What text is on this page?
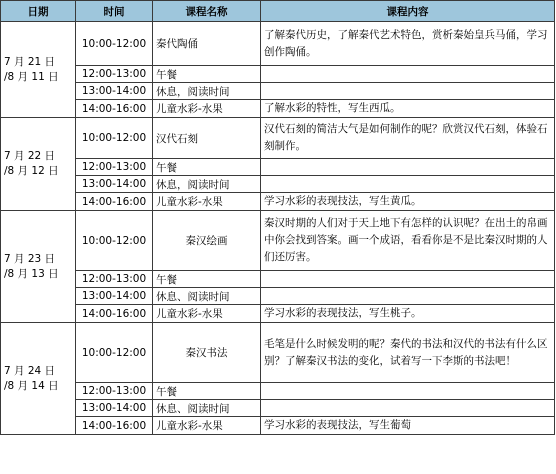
日期	时间	课程名称	课程内容

7 月 21 日
/8 月 11 日	10:00-12:00	秦代陶俑	了解秦代历史，了解秦代艺术特色，赏析秦始皇兵马俑，学习创作陶俑。
	12:00-13:00	午餐	
	13:00-14:00	休息，阅读时间	
	14:00-16:00	儿童水彩-水果	了解水彩的特性，写生西瓜。

7 月 22 日
/8 月 12 日	10:00-12:00	汉代石刻	汉代石刻的简洁大气是如何制作的呢？欣赏汉代石刻，体验石刻制作。
	12:00-13:00	午餐	
	13:00-14:00	休息，阅读时间	
	14:00-16:00	儿童水彩-水果	学习水彩的表现技法，写生黄瓜。

7 月 23 日
/8 月 13 日	10:00-12:00	秦汉绘画	秦汉时期的人们对于天上地下有怎样的认识呢？在出土的帛画中你会找到答案。画一个成语，看看你是不是比秦汉时期的人们还厉害。
	12:00-13:00	午餐	
	13:00-14:00	休息、阅读时间	
	14:00-16:00	儿童水彩-水果	学习水彩的表现技法，写生桃子。

7 月 24 日
/8 月 14 日	10:00-12:00	秦汉书法	毛笔是什么时候发明的呢？秦代的书法和汉代的书法有什么区别？了解秦汉书法的变化，试着写一下李斯的书法吧！
	12:00-13:00	午餐	
	13:00-14:00	休息、阅读时间	
	14:00-16:00	儿童水彩-水果	学习水彩的表现技法，写生葡萄
